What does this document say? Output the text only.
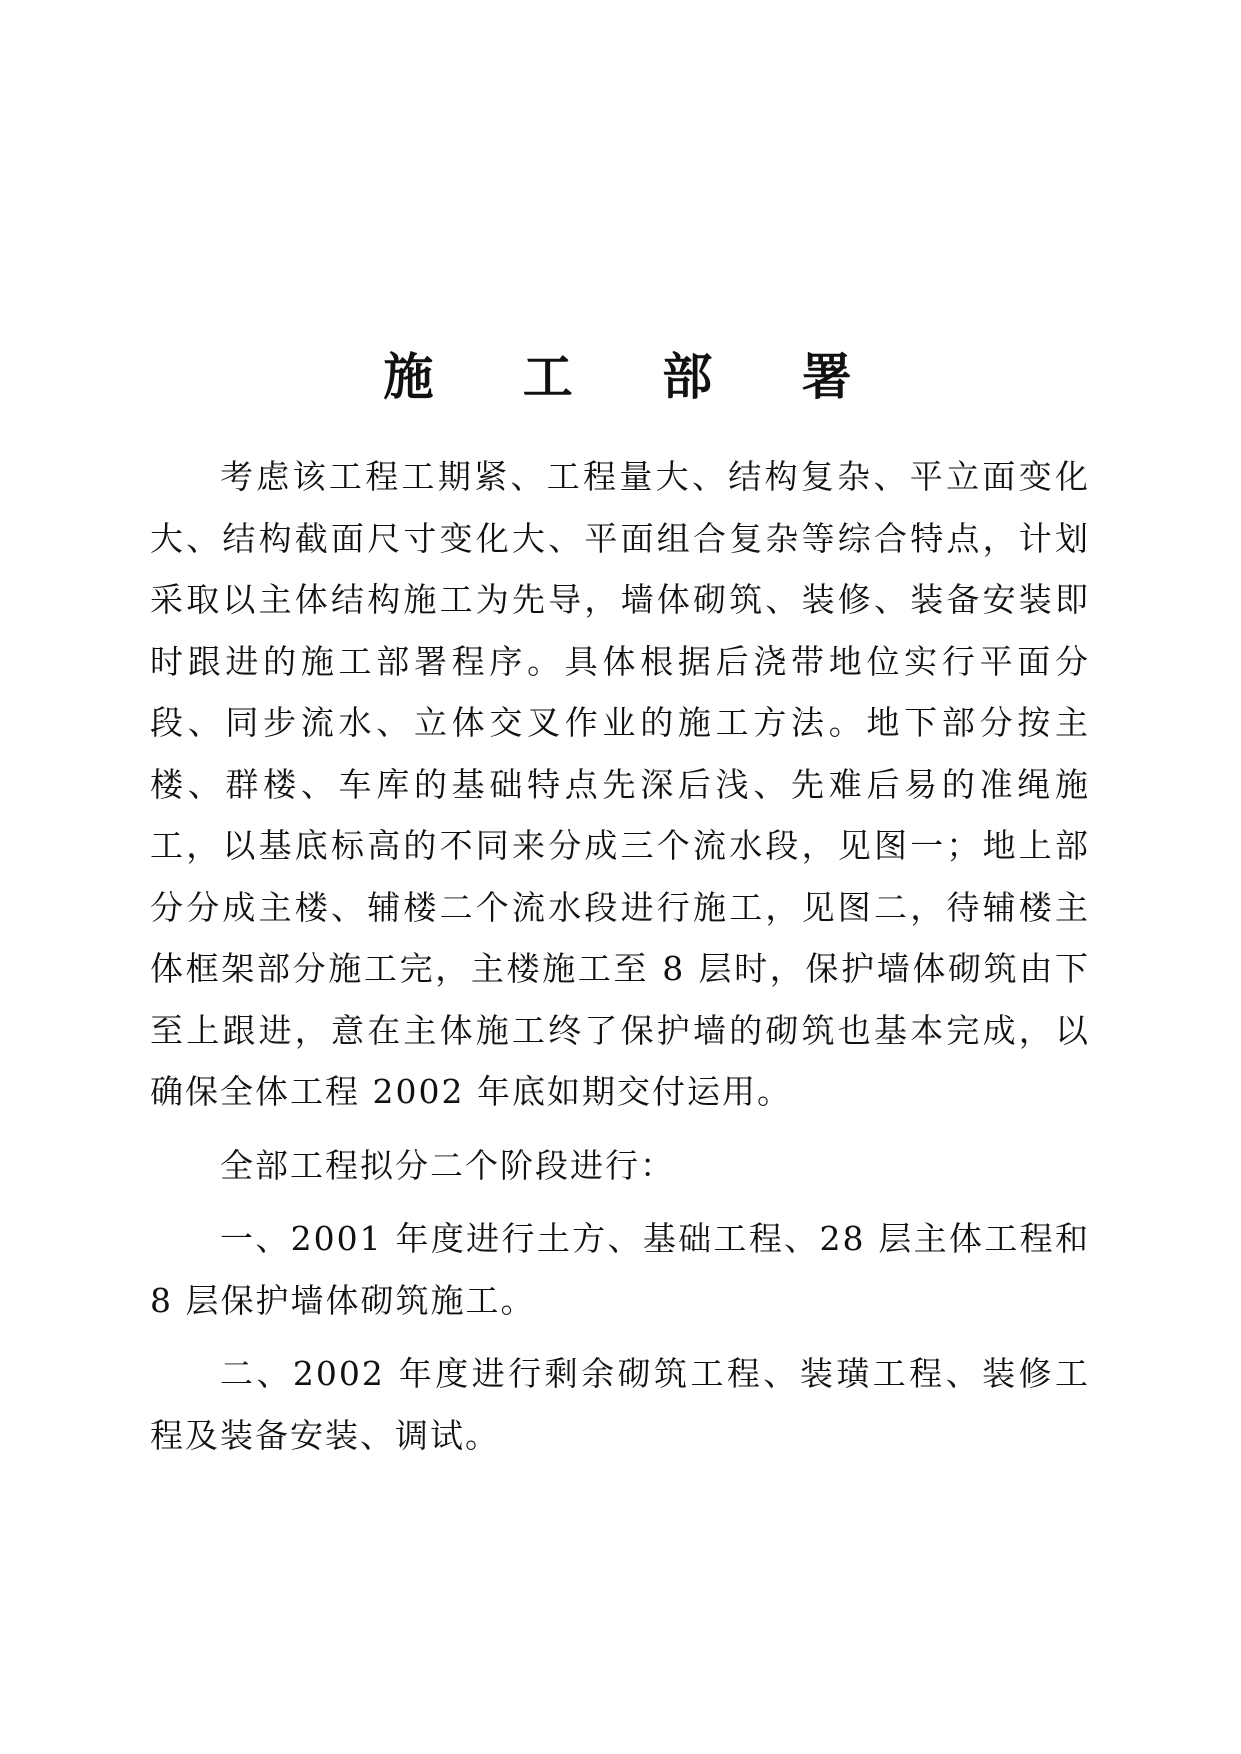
施 工 部 署

考虑该工程工期紧、工程量大、结构复杂、平立面变化大、结构截面尺寸变化大、平面组合复杂等综合特点，计划采取以主体结构施工为先导，墙体砌筑、装修、装备安装即时跟进的施工部署程序。具体根据后浇带地位实行平面分段、同步流水、立体交叉作业的施工方法。地下部分按主楼、群楼、车库的基础特点先深后浅、先难后易的准绳施工，以基底标高的不同来分成三个流水段，见图一；地上部分分成主楼、辅楼二个流水段进行施工，见图二，待辅楼主体框架部分施工完，主楼施工至 8 层时，保护墙体砌筑由下至上跟进，意在主体施工终了保护墙的砌筑也基本完成，以确保全体工程 2002 年底如期交付运用。

全部工程拟分二个阶段进行：

一、2001 年度进行土方、基础工程、28 层主体工程和 8 层保护墙体砌筑施工。

二、2002 年度进行剩余砌筑工程、装璜工程、装修工程及装备安装、调试。
